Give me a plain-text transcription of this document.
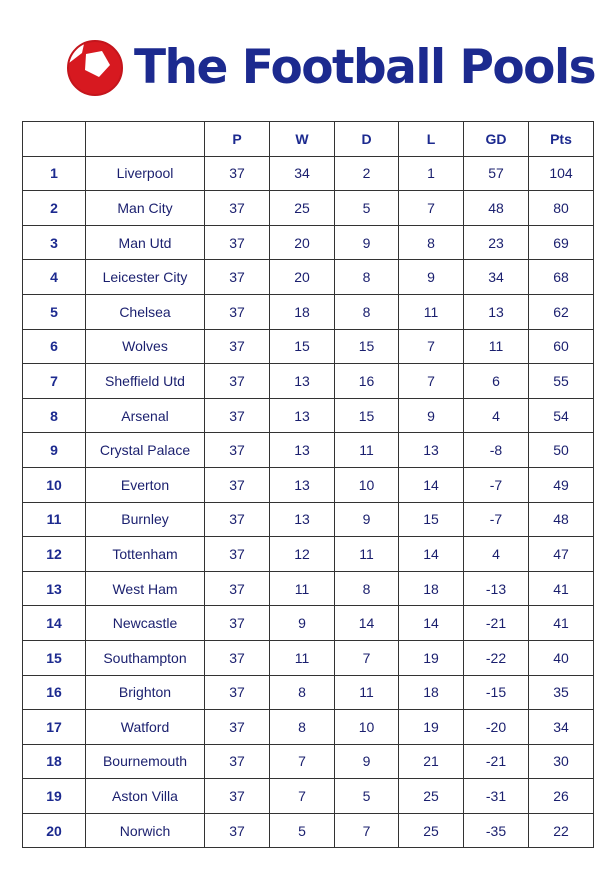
The Football Pools
		P	W	D	L	GD	Pts
1	Liverpool	37	34	2	1	57	104
2	Man City	37	25	5	7	48	80
3	Man Utd	37	20	9	8	23	69
4	Leicester City	37	20	8	9	34	68
5	Chelsea	37	18	8	11	13	62
6	Wolves	37	15	15	7	11	60
7	Sheffield Utd	37	13	16	7	6	55
8	Arsenal	37	13	15	9	4	54
9	Crystal Palace	37	13	11	13	-8	50
10	Everton	37	13	10	14	-7	49
11	Burnley	37	13	9	15	-7	48
12	Tottenham	37	12	11	14	4	47
13	West Ham	37	11	8	18	-13	41
14	Newcastle	37	9	14	14	-21	41
15	Southampton	37	11	7	19	-22	40
16	Brighton	37	8	11	18	-15	35
17	Watford	37	8	10	19	-20	34
18	Bournemouth	37	7	9	21	-21	30
19	Aston Villa	37	7	5	25	-31	26
20	Norwich	37	5	7	25	-35	22
